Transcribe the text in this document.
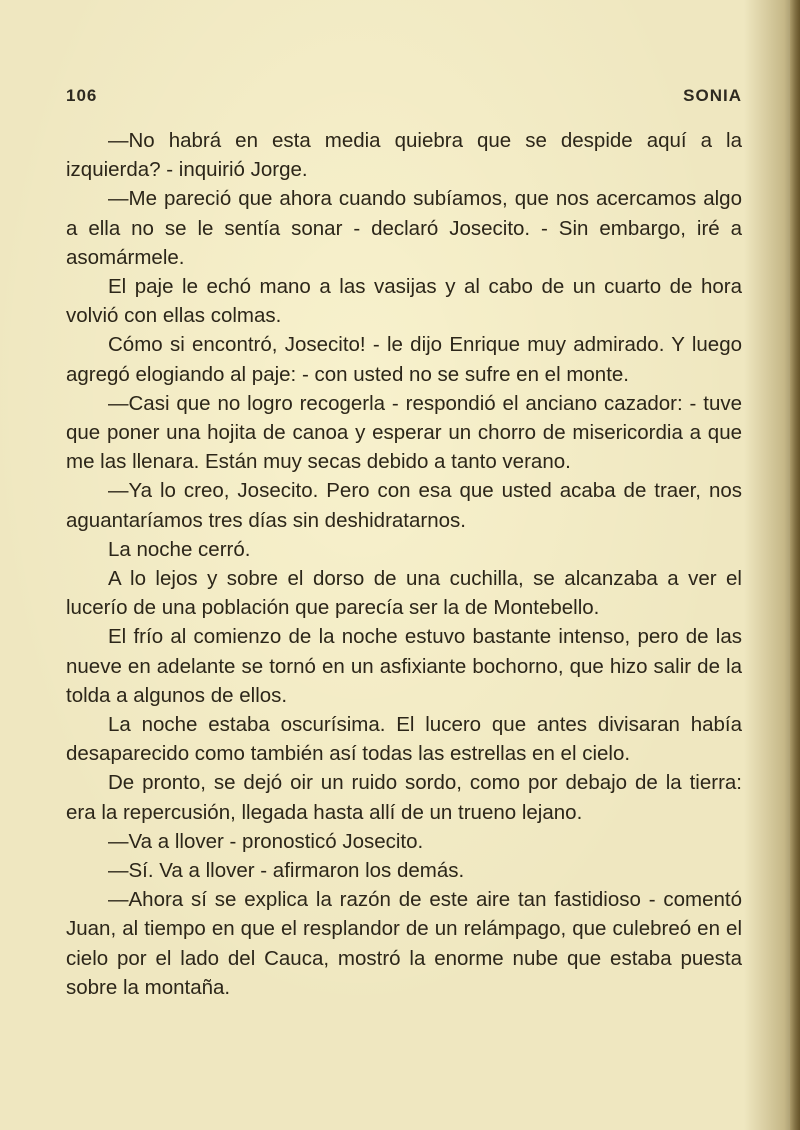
106	SONIA

—No habrá en esta media quiebra que se despide aquí a la izquierda? - inquirió Jorge.

—Me pareció que ahora cuando subíamos, que nos acercamos algo a ella no se le sentía sonar - declaró Josecito. - Sin embargo, iré a asomármele.

El paje le echó mano a las vasijas y al cabo de un cuarto de hora volvió con ellas colmas.

Cómo si encontró, Josecito! - le dijo Enrique muy admirado. Y luego agregó elogiando al paje: - con usted no se sufre en el monte.

—Casi que no logro recogerla - respondió el anciano cazador: - tuve que poner una hojita de canoa y esperar un chorro de misericordia a que me las llenara. Están muy secas debido a tanto verano.

—Ya lo creo, Josecito. Pero con esa que usted acaba de traer, nos aguantaríamos tres días sin deshidratarnos.

La noche cerró.

A lo lejos y sobre el dorso de una cuchilla, se alcanzaba a ver el lucerío de una población que parecía ser la de Montebello.

El frío al comienzo de la noche estuvo bastante intenso, pero de las nueve en adelante se tornó en un asfixiante bochorno, que hizo salir de la tolda a algunos de ellos.

La noche estaba oscurísima. El lucero que antes divisaran había desaparecido como también así todas las estrellas en el cielo.

De pronto, se dejó oir un ruido sordo, como por debajo de la tierra: era la repercusión, llegada hasta allí de un trueno lejano.

—Va a llover - pronosticó Josecito.

—Sí. Va a llover - afirmaron los demás.

—Ahora sí se explica la razón de este aire tan fastidioso - comentó Juan, al tiempo en que el resplandor de un relámpago, que culebreó en el cielo por el lado del Cauca, mostró la enorme nube que estaba puesta sobre la montaña.
